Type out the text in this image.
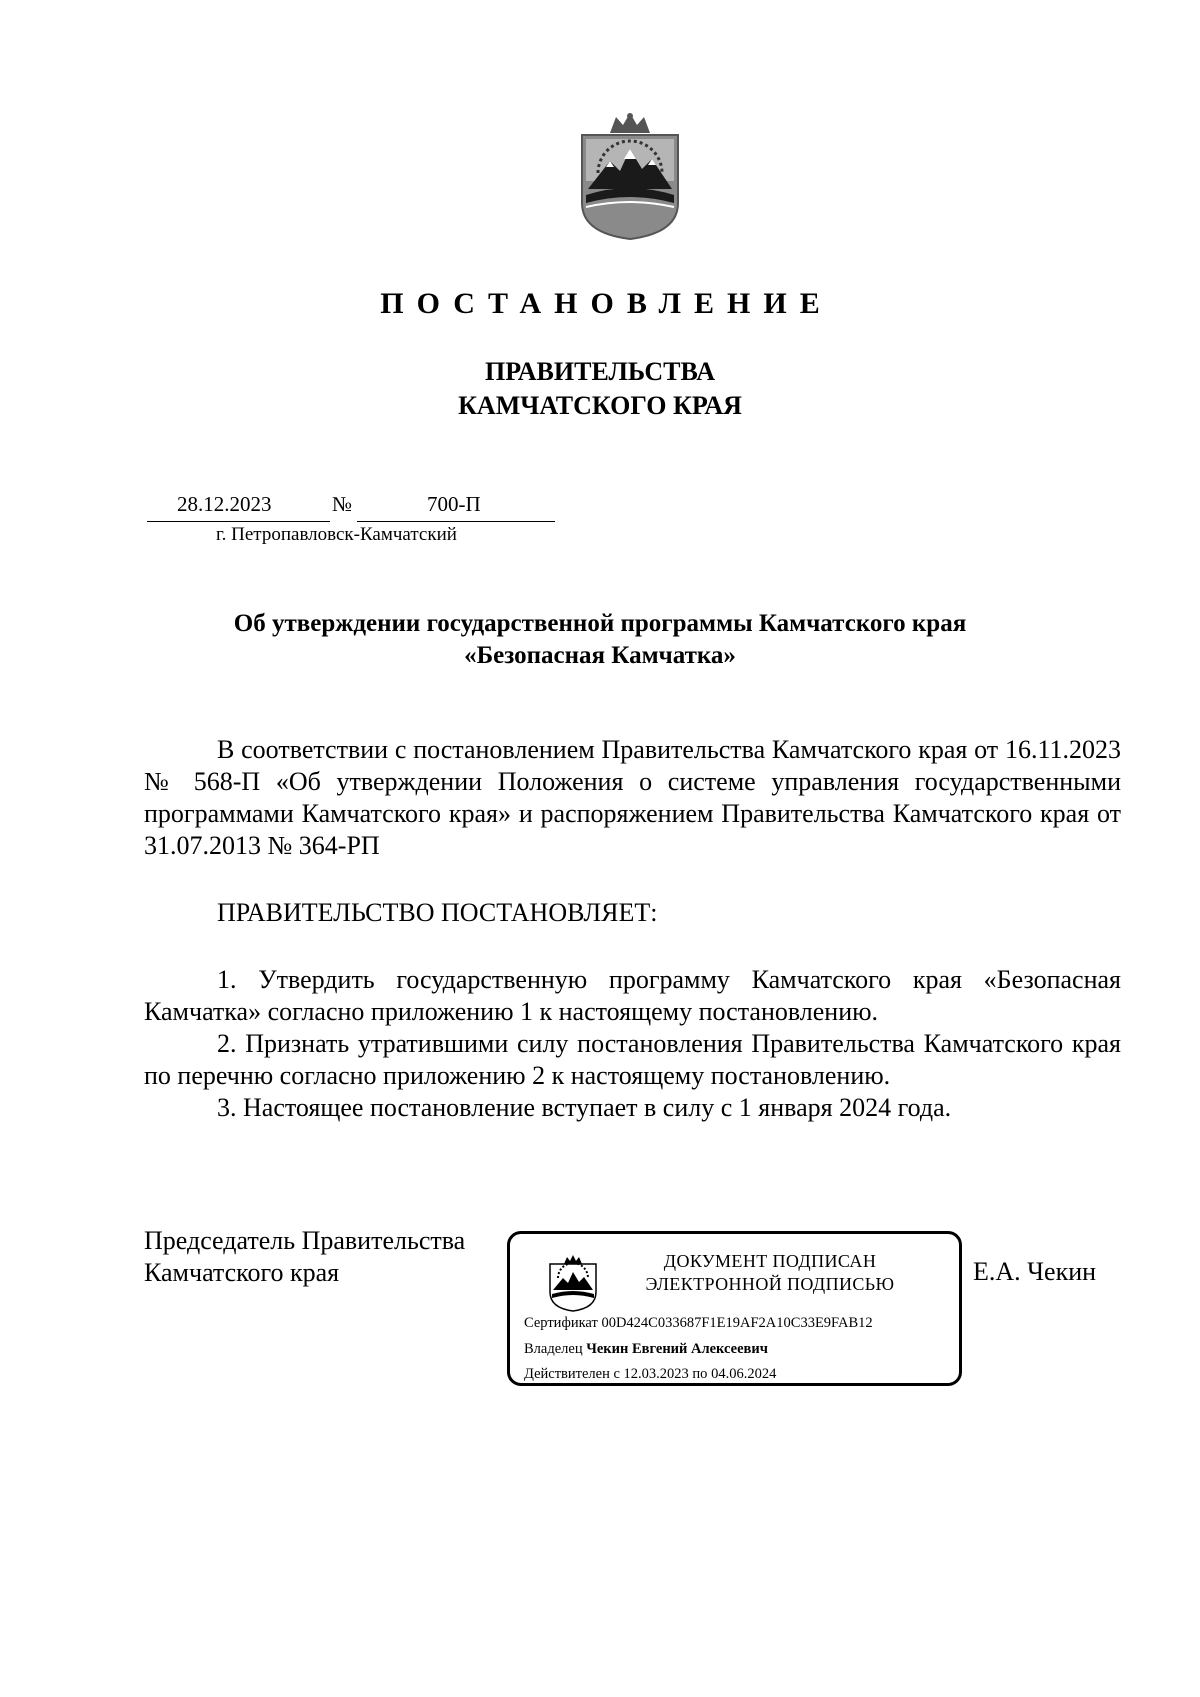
ПОСТАНОВЛЕНИЕ
ПРАВИТЕЛЬСТВА
КАМЧАТСКОГО КРАЯ
28.12.2023	№	700-П
г. Петропавловск-Камчатский
Об утверждении государственной программы Камчатского края
«Безопасная Камчатка»

В соответствии с постановлением Правительства Камчатского края от 16.11.2023 № 568-П «Об утверждении Положения о системе управления государственными программами Камчатского края» и распоряжением Правительства Камчатского края от 31.07.2013 № 364-РП

ПРАВИТЕЛЬСТВО ПОСТАНОВЛЯЕТ:

1. Утвердить государственную программу Камчатского края «Безопасная Камчатка» согласно приложению 1 к настоящему постановлению.

2. Признать утратившими силу постановления Правительства Камчатского края по перечню согласно приложению 2 к настоящему постановлению.

3. Настоящее постановление вступает в силу с 1 января 2024 года.

Председатель Правительства
Камчатского края	ДОКУМЕНТ ПОДПИСАН
ЭЛЕКТРОННОЙ ПОДПИСЬЮ
Сертификат 00D424C033687F1E19AF2A10C33E9FAB12
Владелец Чекин Евгений Алексеевич
Действителен с 12.03.2023 по 04.06.2024
Е.А. Чекин
